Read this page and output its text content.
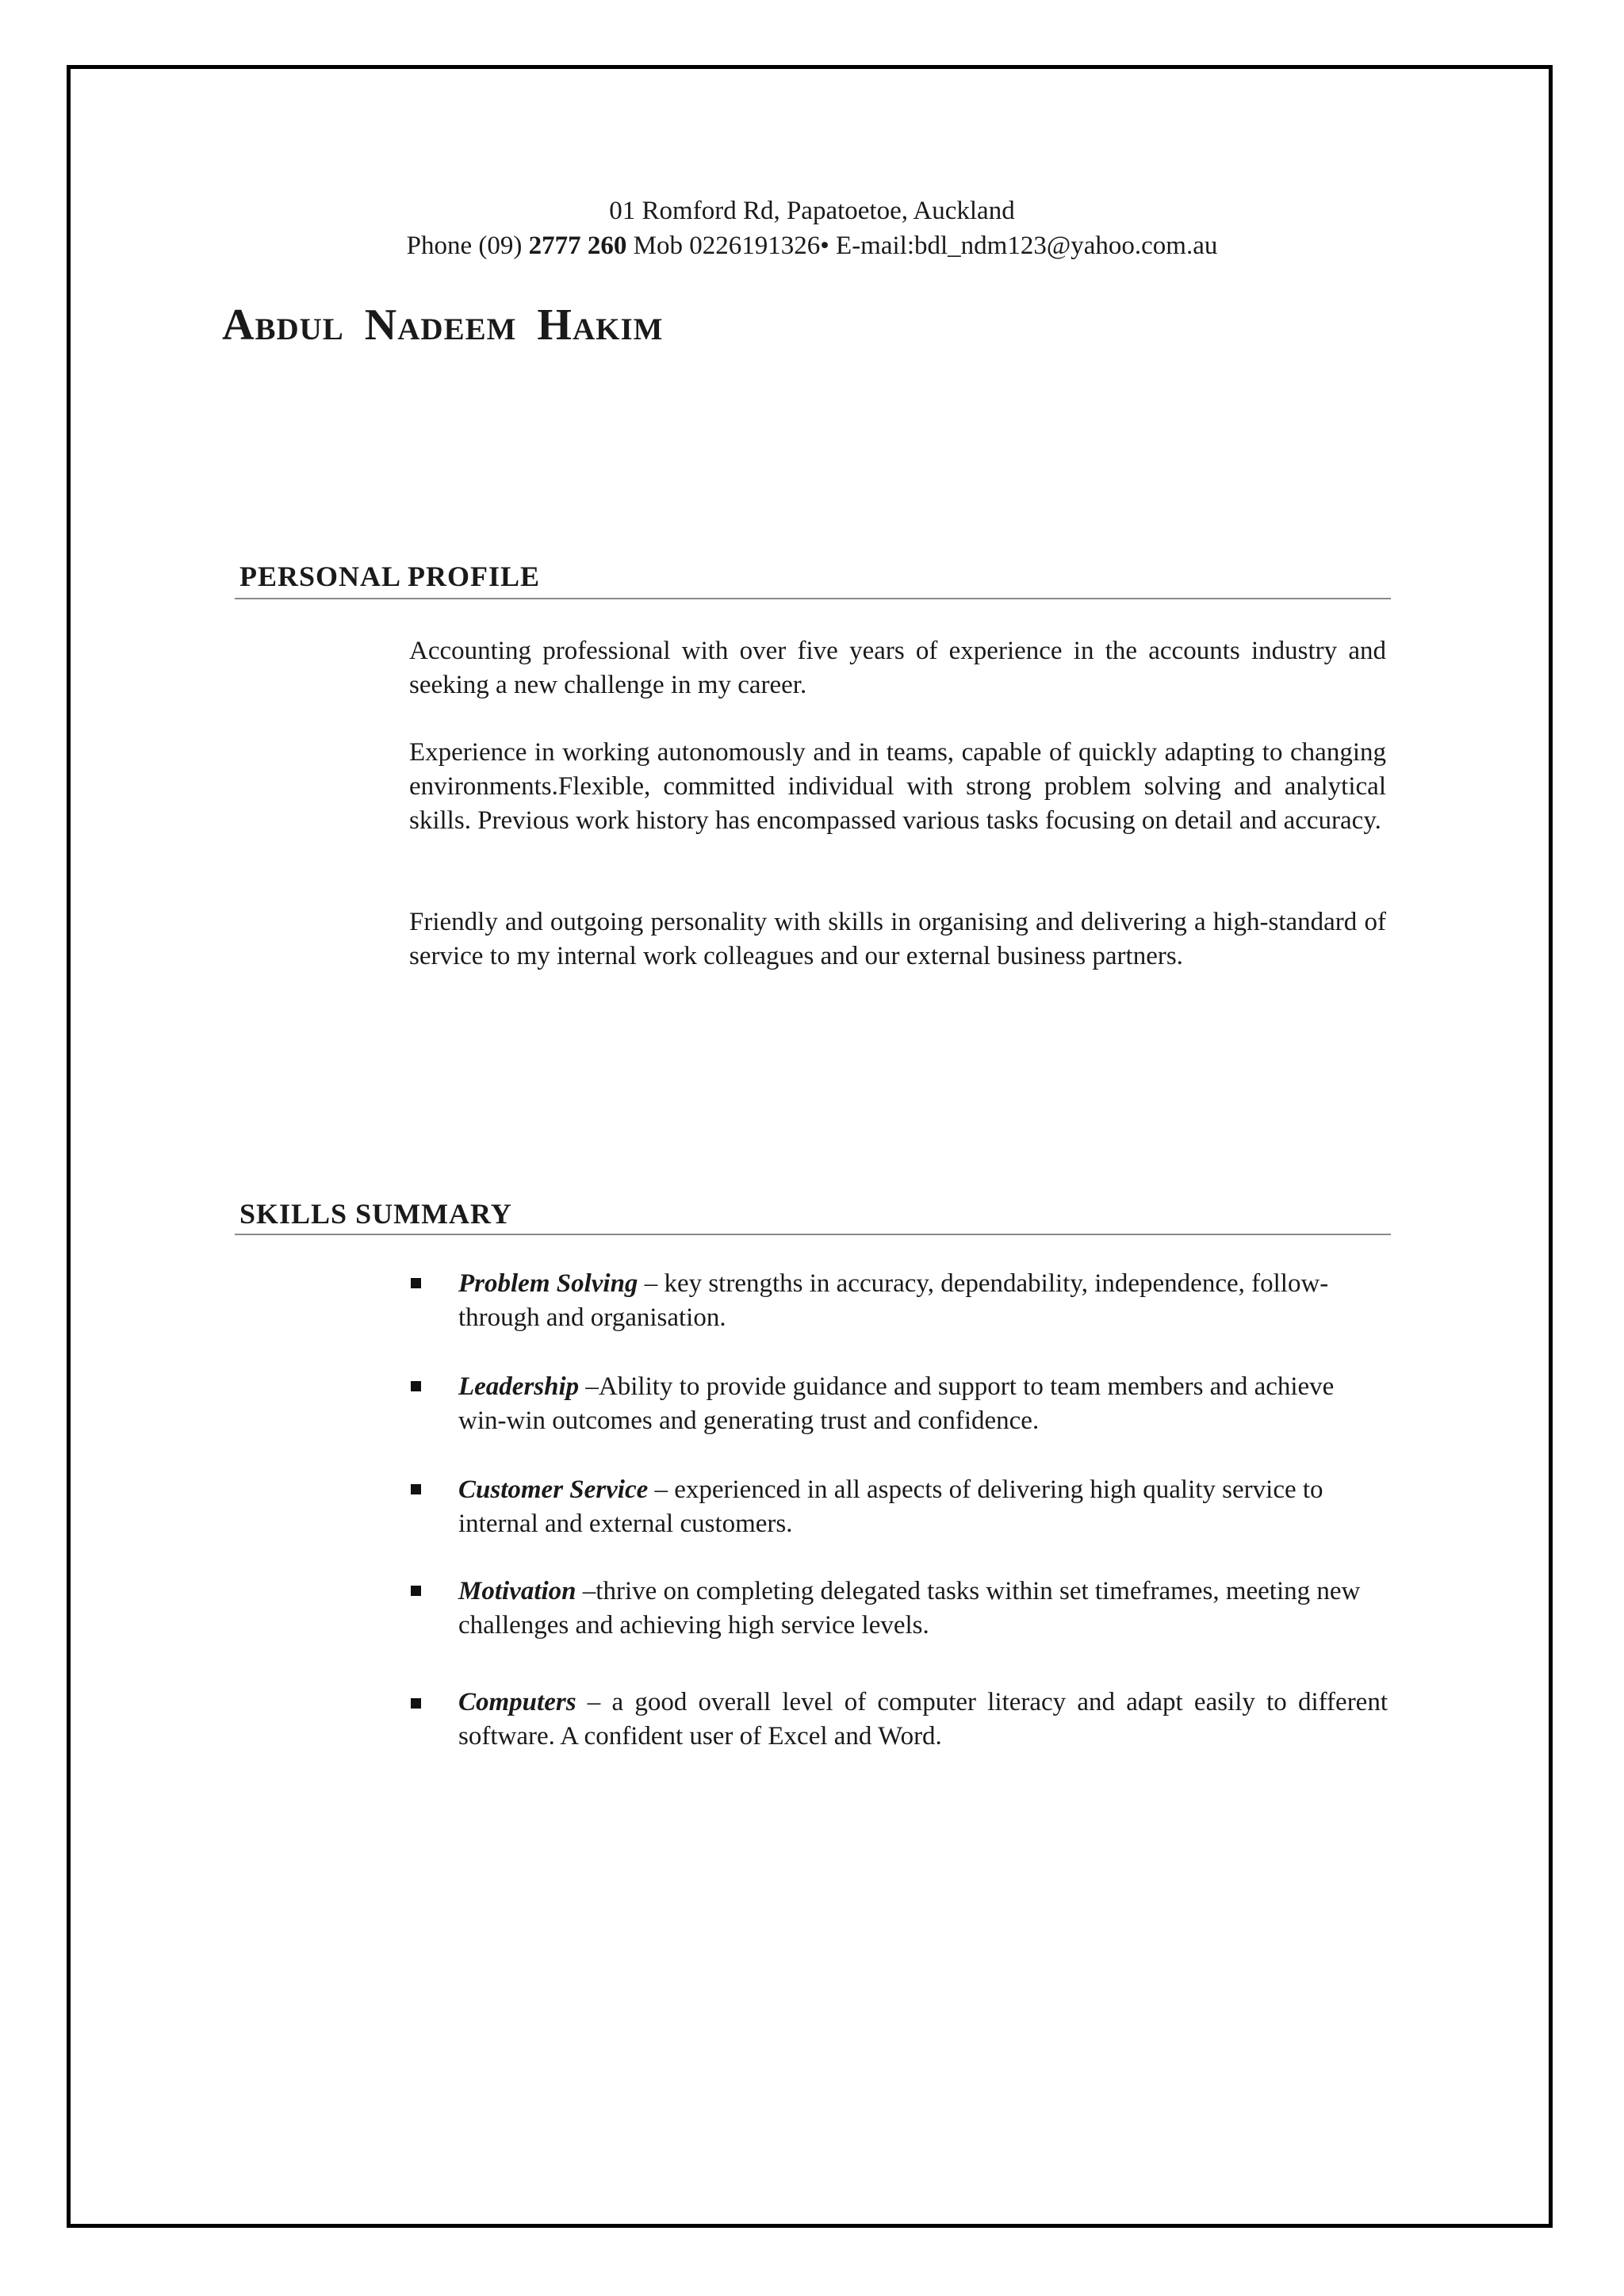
01 Romford Rd, Papatoetoe, Auckland
Phone (09) 2777 260 Mob 0226191326• E-mail:bdl_ndm123@yahoo.com.au
Abdul Nadeem Hakim
PERSONAL PROFILE
Accounting professional with over five years of experience in the accounts industry and seeking a new challenge in my career.
Experience in working autonomously and in teams, capable of quickly adapting to changing environments.Flexible, committed individual with strong problem solving and analytical skills. Previous work history has encompassed various tasks focusing on detail and accuracy.
Friendly and outgoing personality with skills in organising and delivering a high-standard of service to my internal work colleagues and our external business partners.
SKILLS SUMMARY
Problem Solving – key strengths in accuracy, dependability, independence, follow-through and organisation.
Leadership –Ability to provide guidance and support to team members and achieve win-win outcomes and generating trust and confidence.
Customer Service – experienced in all aspects of delivering high quality service to internal and external customers.
Motivation –thrive on completing delegated tasks within set timeframes, meeting new challenges and achieving high service levels.
Computers – a good overall level of computer literacy and adapt easily to different software. A confident user of Excel and Word.
